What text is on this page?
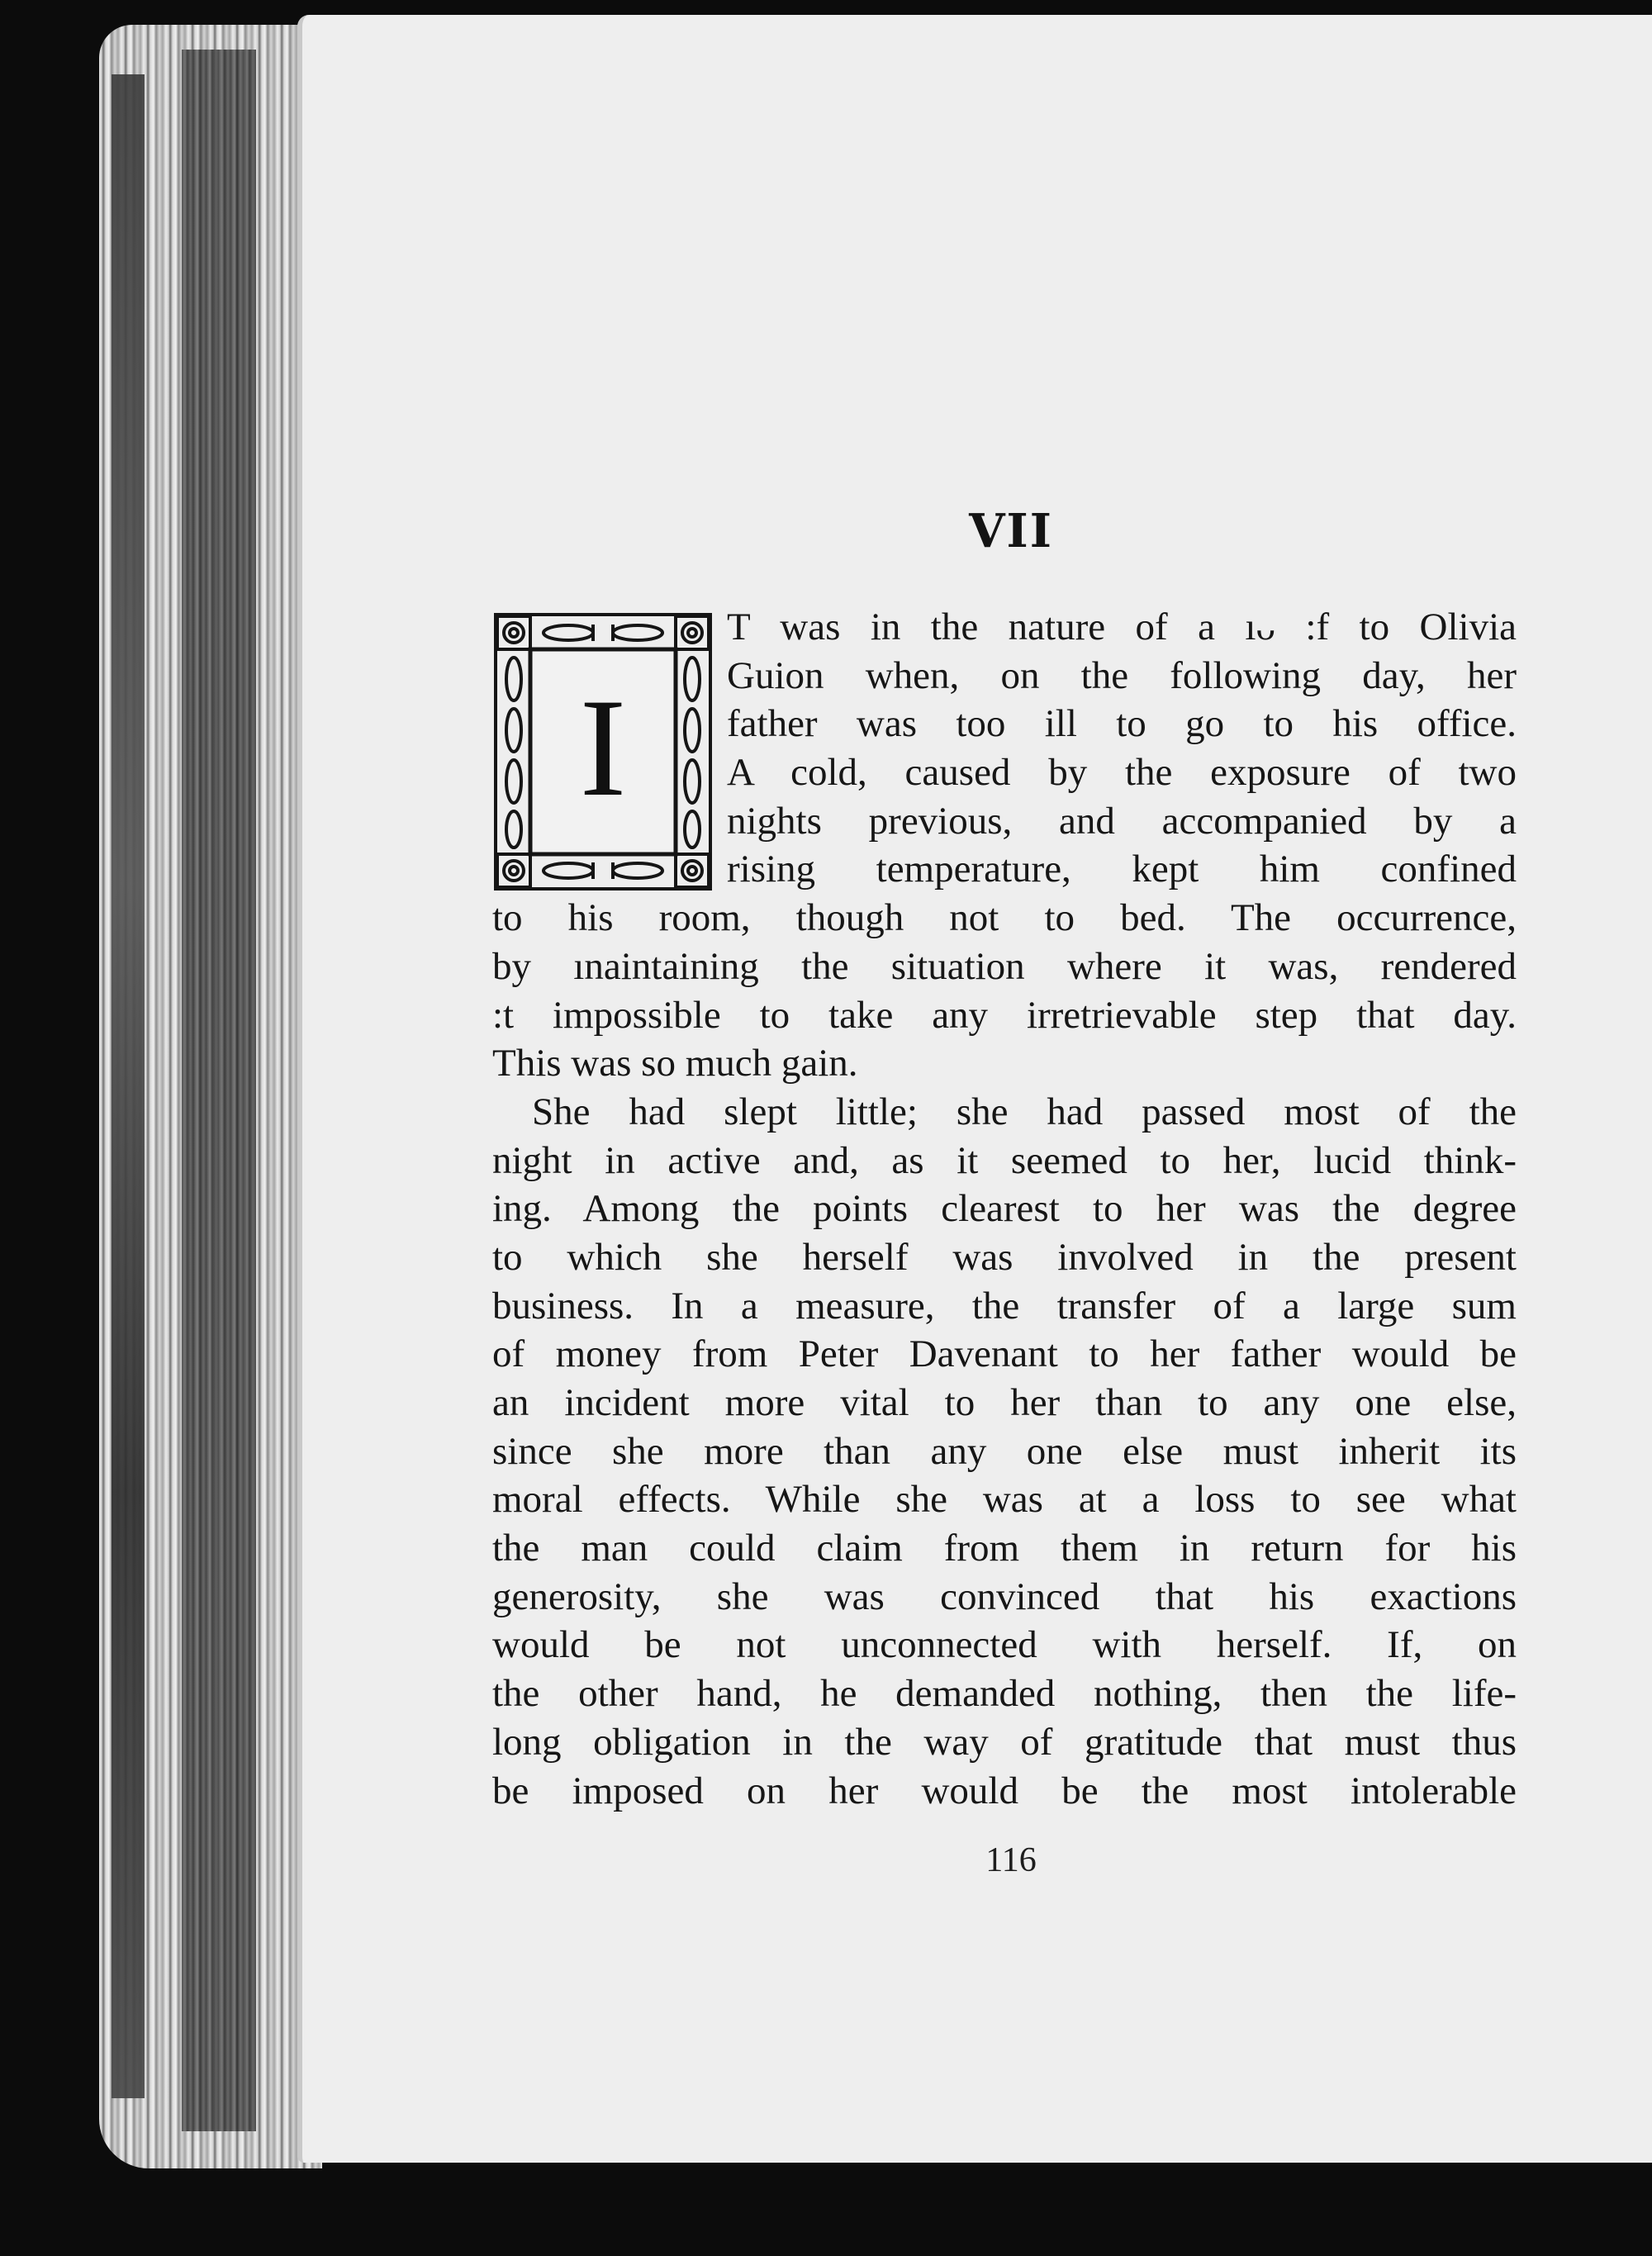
VII
I
T was in the nature of a ıᴗ :f to Olivia
Guion when, on the following day, her
father was too ill to go to his office.
A cold, caused by the exposure of two
nights previous, and accompanied by a
rising temperature, kept him confined
to his room, though not to bed. The occurrence,
by ınaintaining the situation where it was, rendered
:t impossible to take any irretrievable step that day.
This was so much gain.
She had slept little; she had passed most of the
night in active and, as it seemed to her, lucid think-
ing. Among the points clearest to her was the degree
to which she herself was involved in the present
business. In a measure, the transfer of a large sum
of money from Peter Davenant to her father would be
an incident more vital to her than to any one else,
since she more than any one else must inherit its
moral effects. While she was at a loss to see what
the man could claim from them in return for his
generosity, she was convinced that his exactions
would be not unconnected with herself. If, on
the other hand, he demanded nothing, then the life-
long obligation in the way of gratitude that must thus
be imposed on her would be the most intolerable
116
